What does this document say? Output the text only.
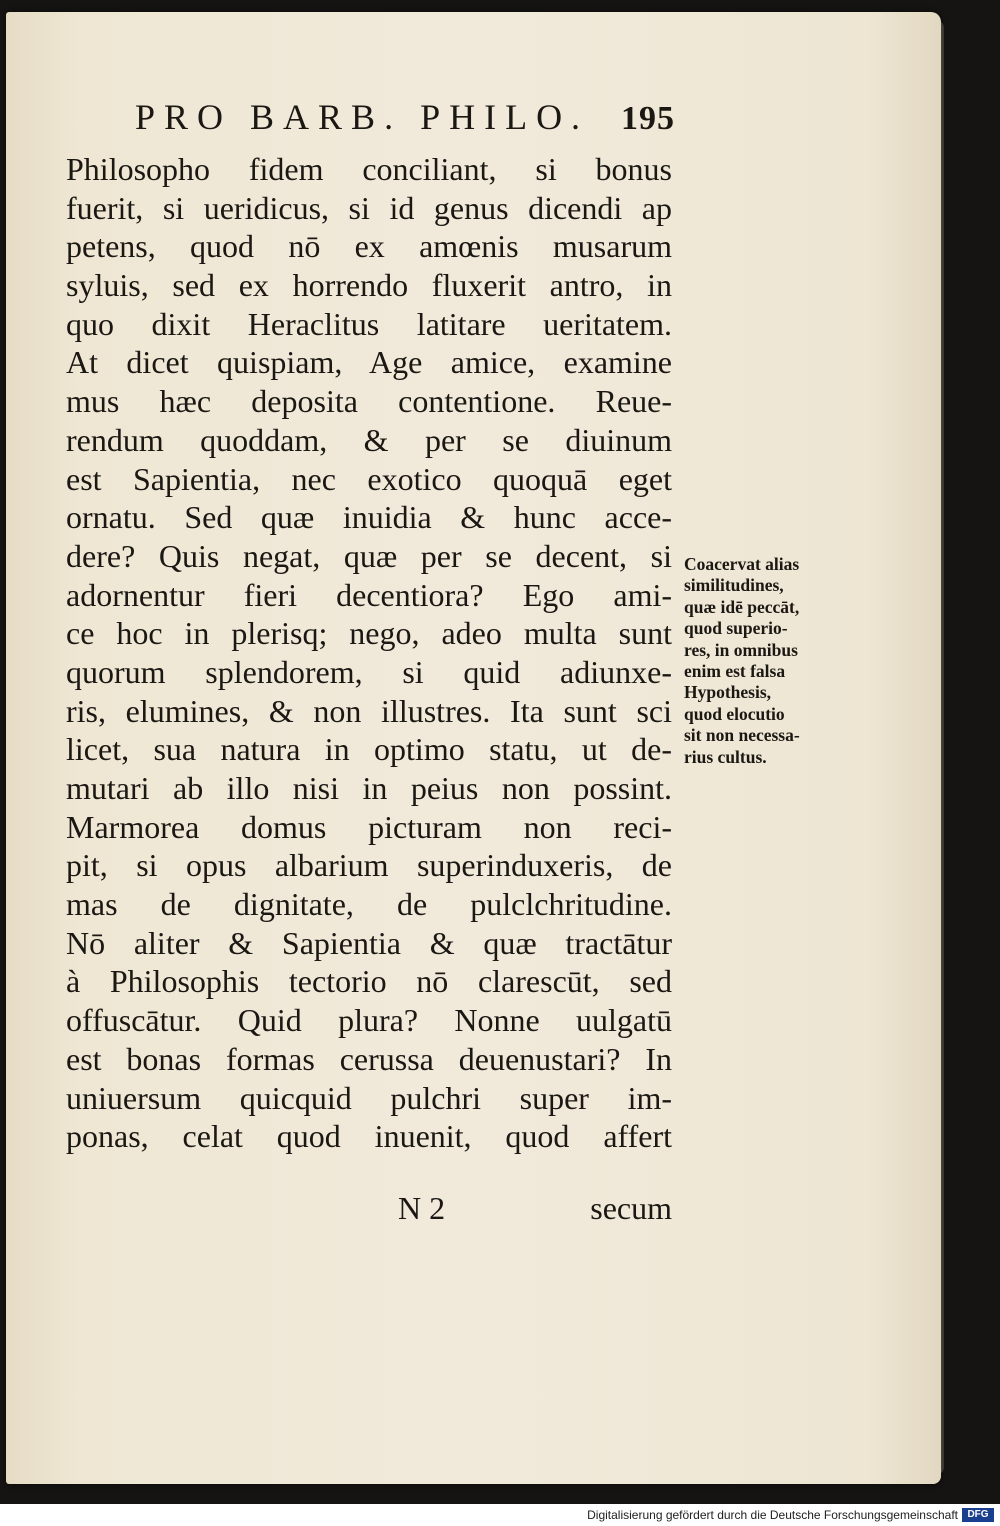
PRO BARB. PHILO. 195
Philosopho fidem conciliant, si bonus
fuerit, si ueridicus, si id genus dicendi ap
petens, quod nō ex amœnis musarum
syluis, sed ex horrendo fluxerit antro, in
quo dixit Heraclitus latitare ueritatem.
At dicet quispiam, Age amice, examine
mus hæc deposita contentione. Reue-
rendum quoddam, & per se diuinum
est Sapientia, nec exotico quoquā eget
ornatu. Sed quæ inuidia & hunc acce-
dere? Quis negat, quæ per se decent, si
adornentur fieri decentiora? Ego ami-
ce hoc in plerisq; nego, adeo multa sunt
quorum splendorem, si quid adiunxe-
ris, elumines, & non illustres. Ita sunt sci
licet, sua natura in optimo statu, ut de-
mutari ab illo nisi in peius non possint.
Marmorea domus picturam non reci-
pit, si opus albarium superinduxeris, de
mas de dignitate, de pulclchritudine.
Nō aliter & Sapientia & quæ tractātur
à Philosophis tectorio nō clarescūt, sed
offuscātur. Quid plura? Nonne uulgatū
est bonas formas cerussa deuenustari? In
uniuersum quicquid pulchri super im-
ponas, celat quod inuenit, quod affert
N 2	secum
Coacervat alias
similitudines,
quæ idē peccāt,
quod superio-
res, in omnibus
enim est falsa
Hypothesis,
quod elocutio
sit non necessa-
rius cultus.
Digitalisierung gefördert durch die Deutsche Forschungsgemeinschaft DFG
